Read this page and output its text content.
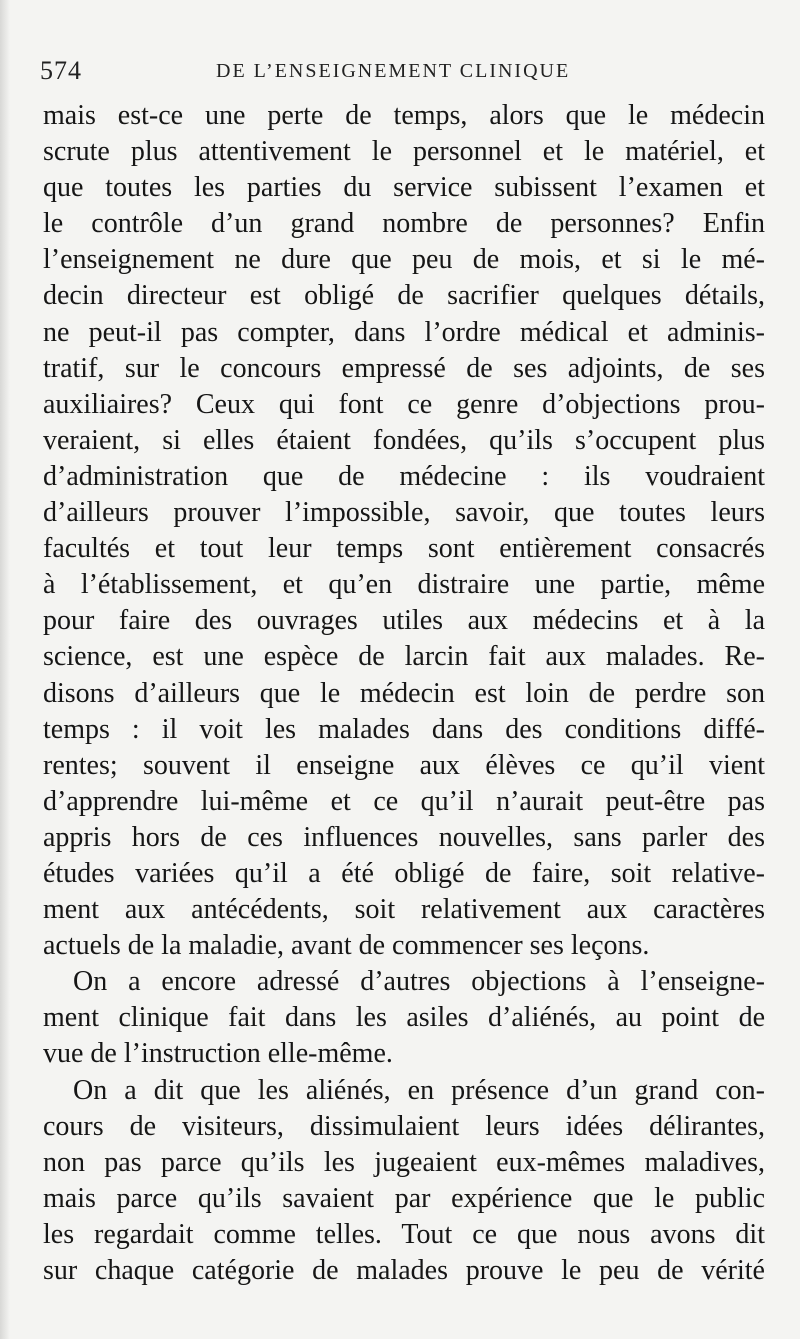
574	DE L’ENSEIGNEMENT CLINIQUE
mais est-ce une perte de temps, alors que le médecin
scrute plus attentivement le personnel et le matériel, et
que toutes les parties du service subissent l’examen et
le contrôle d’un grand nombre de personnes? Enfin
l’enseignement ne dure que peu de mois, et si le mé-
decin directeur est obligé de sacrifier quelques détails,
ne peut-il pas compter, dans l’ordre médical et adminis-
tratif, sur le concours empressé de ses adjoints, de ses
auxiliaires? Ceux qui font ce genre d’objections prou-
veraient, si elles étaient fondées, qu’ils s’occupent plus
d’administration que de médecine : ils voudraient
d’ailleurs prouver l’impossible, savoir, que toutes leurs
facultés et tout leur temps sont entièrement consacrés
à l’établissement, et qu’en distraire une partie, même
pour faire des ouvrages utiles aux médecins et à la
science, est une espèce de larcin fait aux malades. Re-
disons d’ailleurs que le médecin est loin de perdre son
temps : il voit les malades dans des conditions diffé-
rentes; souvent il enseigne aux élèves ce qu’il vient
d’apprendre lui-même et ce qu’il n’aurait peut-être pas
appris hors de ces influences nouvelles, sans parler des
études variées qu’il a été obligé de faire, soit relative-
ment aux antécédents, soit relativement aux caractères
actuels de la maladie, avant de commencer ses leçons.
On a encore adressé d’autres objections à l’enseigne-
ment clinique fait dans les asiles d’aliénés, au point de
vue de l’instruction elle-même.
On a dit que les aliénés, en présence d’un grand con-
cours de visiteurs, dissimulaient leurs idées délirantes,
non pas parce qu’ils les jugeaient eux-mêmes maladives,
mais parce qu’ils savaient par expérience que le public
les regardait comme telles. Tout ce que nous avons dit
sur chaque catégorie de malades prouve le peu de vérité
